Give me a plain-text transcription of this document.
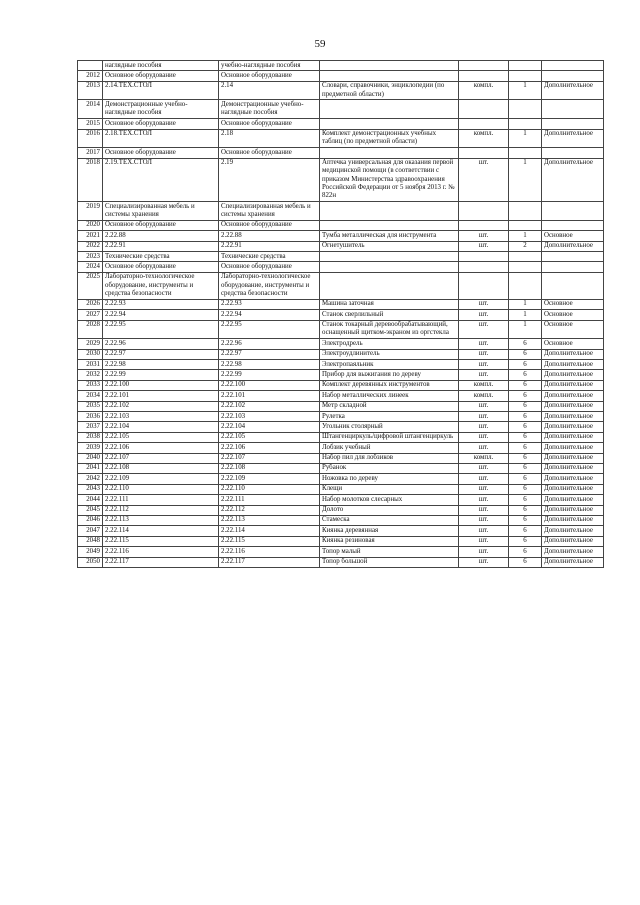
59
	наглядные пособия	учебно-наглядные пособия				
2012	Основное оборудование	Основное оборудование				
2013	2.14.ТЕХ.СТОЛ	2.14	Словари, справочники, энциклопедии (по предметной области)	компл.	1	Дополнительное
2014	Демонстрационные учебно-наглядные пособия	Демонстрационные учебно-наглядные пособия				
2015	Основное оборудование	Основное оборудование				
2016	2.18.ТЕХ.СТОЛ	2.18	Комплект демонстрационных учебных таблиц (по предметной области)	компл.	1	Дополнительное
2017	Основное оборудование	Основное оборудование				
2018	2.19.ТЕХ.СТОЛ	2.19	Аптечка универсальная для оказания первой медицинской помощи (в соответствии с приказом Министерства здравоохранения Российской Федерации от 5 ноября 2013 г. № 822н	шт.	1	Дополнительное
2019	Специализированная мебель и системы хранения	Специализированная мебель и системы хранения				
2020	Основное оборудование	Основное оборудование				
2021	2.22.88	2.22.88	Тумба металлическая для инструмента	шт.	1	Основное
2022	2.22.91	2.22.91	Огнетушитель	шт.	2	Дополнительное
2023	Технические средства	Технические средства				
2024	Основное оборудование	Основное оборудование				
2025	Лабораторно-технологическое оборудование, инструменты и средства безопасности	Лабораторно-технологическое оборудование, инструменты и средства безопасности				
2026	2.22.93	2.22.93	Машина заточная	шт.	1	Основное
2027	2.22.94	2.22.94	Станок сверлильный	шт.	1	Основное
2028	2.22.95	2.22.95	Станок токарный деревообрабатывающий, оснащенный щитком-экраном из оргстекла	шт.	1	Основное
2029	2.22.96	2.22.96	Электродрель	шт.	6	Основное
2030	2.22.97	2.22.97	Электроудлинитель	шт.	6	Дополнительное
2031	2.22.98	2.22.98	Электропаяльник	шт.	6	Дополнительное
2032	2.22.99	2.22.99	Прибор для выжигания по дереву	шт.	6	Дополнительное
2033	2.22.100	2.22.100	Комплект деревянных инструментов	компл.	6	Дополнительное
2034	2.22.101	2.22.101	Набор металлических линеек	компл.	6	Дополнительное
2035	2.22.102	2.22.102	Метр складной	шт.	6	Дополнительное
2036	2.22.103	2.22.103	Рулетка	шт.	6	Дополнительное
2037	2.22.104	2.22.104	Угольник столярный	шт.	6	Дополнительное
2038	2.22.105	2.22.105	Штангенциркуль/цифровой штангенциркуль	шт.	6	Дополнительное
2039	2.22.106	2.22.106	Лобзик учебный	шт.	6	Дополнительное
2040	2.22.107	2.22.107	Набор пил для лобзиков	компл.	6	Дополнительное
2041	2.22.108	2.22.108	Рубанок	шт.	6	Дополнительное
2042	2.22.109	2.22.109	Ножовка по дереву	шт.	6	Дополнительное
2043	2.22.110	2.22.110	Клещи	шт.	6	Дополнительное
2044	2.22.111	2.22.111	Набор молотков слесарных	шт.	6	Дополнительное
2045	2.22.112	2.22.112	Долото	шт.	6	Дополнительное
2046	2.22.113	2.22.113	Стамеска	шт.	6	Дополнительное
2047	2.22.114	2.22.114	Киянка деревянная	шт.	6	Дополнительное
2048	2.22.115	2.22.115	Киянка резиновая	шт.	6	Дополнительное
2049	2.22.116	2.22.116	Топор малый	шт.	6	Дополнительное
2050	2.22.117	2.22.117	Топор большой	шт.	6	Дополнительное
